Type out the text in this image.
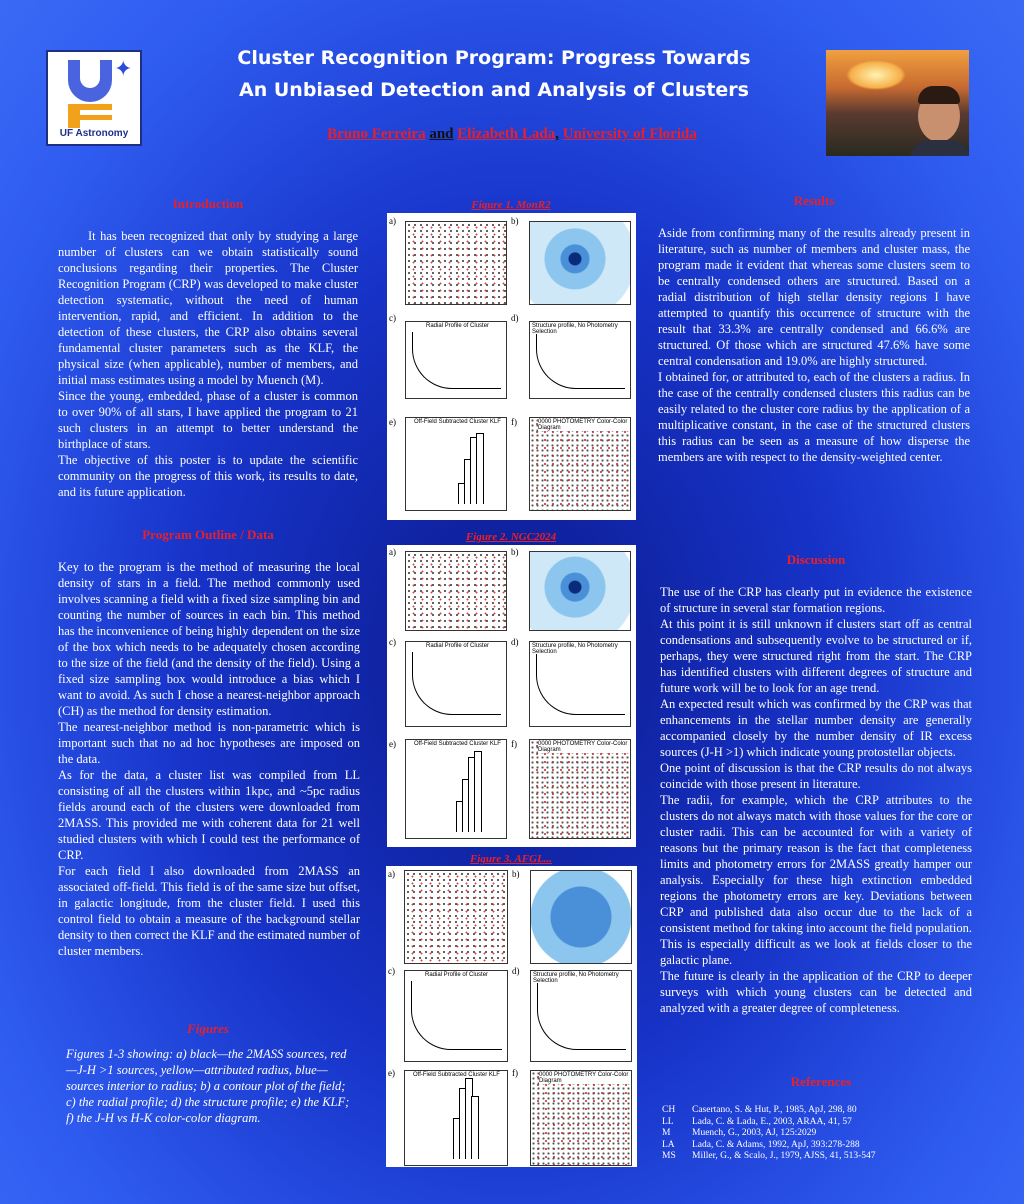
✦
UF Astronomy
Cluster Recognition Program: Progress Towards
An Unbiased Detection and Analysis of Clusters
Bruno Ferreira and Elizabeth Lada, University of Florida
Introduction
It has been recognized that only by studying a large number of clusters can we obtain statistically sound conclusions regarding their properties. The Cluster Recognition Program (CRP) was developed to make cluster detection systematic, without the need of human intervention, rapid, and efficient. In addition to the detection of these clusters, the CRP also obtains several fundamental cluster parameters such as the KLF, the physical size (when applicable), number of members, and initial mass estimates using a model by Muench (M).
Since the young, embedded, phase of a cluster is common to over 90% of all stars, I have applied the program to 21 such clusters in an attempt to better understand the birthplace of stars.
The objective of this poster is to update the scientific community on the progress of this work, its results to date, and its future application.
Program Outline / Data
Key to the program is the method of measuring the local density of stars in a field. The method commonly used involves scanning a field with a fixed size sampling bin and counting the number of sources in each bin. This method has the inconvenience of being highly dependent on the size of the box which needs to be adequately chosen according to the size of the field (and the density of the field). Using a fixed size sampling box would introduce a bias which I want to avoid. As such I chose a nearest-neighbor approach (CH) as the method for density estimation.
The nearest-neighbor method is non-parametric which is important such that no ad hoc hypotheses are imposed on the data.
As for the data, a cluster list was compiled from LL consisting of all the clusters within 1kpc, and ~5pc radius fields around each of the clusters were downloaded from 2MASS. This provided me with coherent data for 21 well studied clusters with which I could test the performance of CRP.
For each field I also downloaded from 2MASS an associated off-field. This field is of the same size but offset, in galactic longitude, from the cluster field. I used this control field to obtain a measure of the background stellar density to then correct the KLF and the estimated number of cluster members.
Figures
Figures 1-3 showing: a) black—the 2MASS sources, red—J-H >1 sources, yellow—attributed radius, blue—sources interior to radius; b) a contour plot of the field; c) the radial profile; d) the structure profile; e) the KLF; f) the J-H vs H-K color-color diagram.
Figure 1. MonR2
a)	b)
c)
Radial Profile of Cluster
d)
Structure profile, No Photometry Selection
e)	Off-Field Subtracted Cluster KLF f)	0000 PHOTOMETRY Color-Color Diagram
Figure 2. NGC2024
a)	b)
c)	Radial Profile of Cluster d) Structure profile, No Photometry Selection
e)	Off-Field Subtracted Cluster KLF f)	0000 PHOTOMETRY Color-Color Diagram
Figure 3. AFGL...
a)	b)
c)	Radial Profile of Cluster	d) Structure profile, No Photometry Selection
e)	Off-Field Subtracted Cluster KLF f)	0000 PHOTOMETRY Color-Color Diagram
Results
Aside from confirming many of the results already present in literature, such as number of members and cluster mass, the program made it evident that whereas some clusters seem to be centrally condensed others are structured. Based on a radial distribution of high stellar density regions I have attempted to quantify this occurrence of structure with the result that 33.3% are centrally condensed and 66.6% are structured. Of those which are structured 47.6% have some central condensation and 19.0% are highly structured.
I obtained for, or attributed to, each of the clusters a radius. In the case of the centrally condensed clusters this radius can be easily related to the cluster core radius by the application of a multiplicative constant, in the case of the structured clusters this radius can be seen as a measure of how disperse the members are with respect to the density-weighted center.
Discussion
The use of the CRP has clearly put in evidence the existence of structure in several star formation regions.
At this point it is still unknown if clusters start off as central condensations and subsequently evolve to be structured or if, perhaps, they were structured right from the start. The CRP has identified clusters with different degrees of structure and future work will be to look for an age trend.
An expected result which was confirmed by the CRP was that enhancements in the stellar number density are generally accompanied closely by the number density of IR excess sources (J-H >1) which indicate young protostellar objects.
One point of discussion is that the CRP results do not always coincide with those present in literature.
The radii, for example, which the CRP attributes to the clusters do not always match with those values for the core or cluster radii. This can be accounted for with a variety of reasons but the primary reason is the fact that completeness limits and photometry errors for 2MASS greatly hamper our analysis. Especially for these high extinction embedded regions the photometry errors are key. Deviations between CRP and published data also occur due to the lack of a consistent method for taking into account the field population. This is especially difficult as we look at fields closer to the galactic plane.
The future is clearly in the application of the CRP to deeper surveys with which young clusters can be detected and analyzed with a greater degree of completeness.
References
CH	Casertano, S. & Hut, P., 1985, ApJ, 298, 80
LL	Lada, C. & Lada, E., 2003, ARAA, 41, 57
M	Muench, G., 2003, AJ, 125:2029
LA	Lada, C. & Adams, 1992, ApJ, 393:278-288
MS	Miller, G., & Scalo, J., 1979, AJSS, 41, 513-547
